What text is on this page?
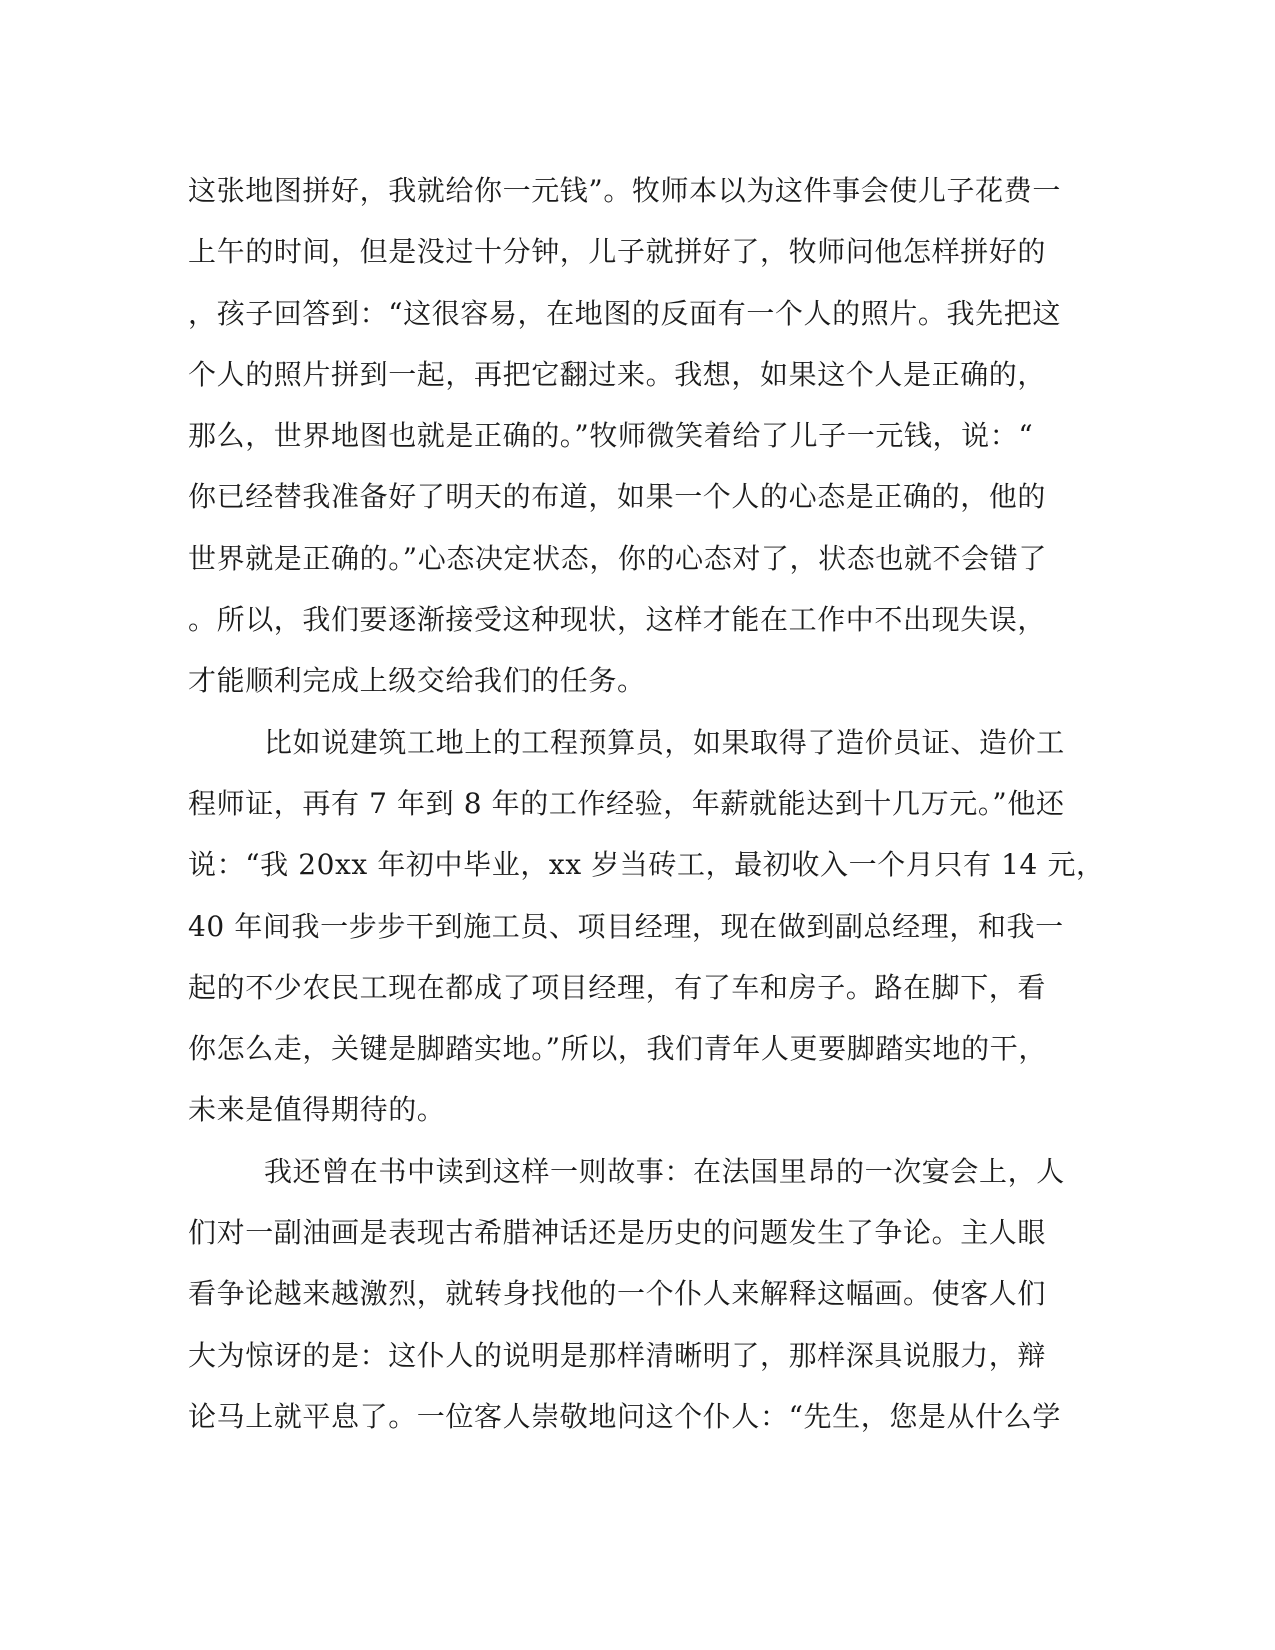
这张地图拼好，我就给你一元钱”。牧师本以为这件事会使儿子花费一
上午的时间，但是没过十分钟，儿子就拼好了，牧师问他怎样拼好的
，孩子回答到：“这很容易，在地图的反面有一个人的照片。我先把这
个人的照片拼到一起，再把它翻过来。我想，如果这个人是正确的，
那么，世界地图也就是正确的。”牧师微笑着给了儿子一元钱，说：“
你已经替我准备好了明天的布道，如果一个人的心态是正确的，他的
世界就是正确的。”心态决定状态，你的心态对了，状态也就不会错了
。所以，我们要逐渐接受这种现状，这样才能在工作中不出现失误，
才能顺利完成上级交给我们的任务。
比如说建筑工地上的工程预算员，如果取得了造价员证、造价工
程师证，再有 7 年到 8 年的工作经验，年薪就能达到十几万元。”他还
说：“我 20xx 年初中毕业，xx 岁当砖工，最初收入一个月只有 14 元，
40 年间我一步步干到施工员、项目经理，现在做到副总经理，和我一
起的不少农民工现在都成了项目经理，有了车和房子。路在脚下，看
你怎么走，关键是脚踏实地。”所以，我们青年人更要脚踏实地的干，
未来是值得期待的。
我还曾在书中读到这样一则故事：在法国里昂的一次宴会上，人
们对一副油画是表现古希腊神话还是历史的问题发生了争论。主人眼
看争论越来越激烈，就转身找他的一个仆人来解释这幅画。使客人们
大为惊讶的是：这仆人的说明是那样清晰明了，那样深具说服力，辩
论马上就平息了。一位客人崇敬地问这个仆人：“先生，您是从什么学
